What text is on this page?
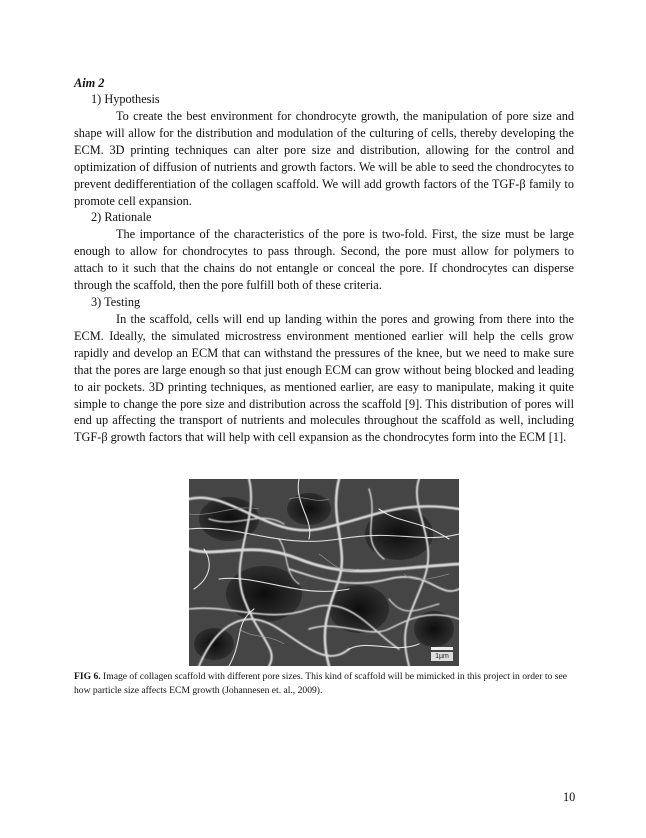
Aim 2
1) Hypothesis

To create the best environment for chondrocyte growth, the manipulation of pore size and shape will allow for the distribution and modulation of the culturing of cells, thereby developing the ECM. 3D printing techniques can alter pore size and distribution, allowing for the control and optimization of diffusion of nutrients and growth factors. We will be able to seed the chondrocytes to prevent dedifferentiation of the collagen scaffold. We will add growth factors of the TGF-β family to promote cell expansion.

2) Rationale

The importance of the characteristics of the pore is two-fold. First, the size must be large enough to allow for chondrocytes to pass through. Second, the pore must allow for polymers to attach to it such that the chains do not entangle or conceal the pore. If chondrocytes can disperse through the scaffold, then the pore fulfill both of these criteria.

3) Testing

In the scaffold, cells will end up landing within the pores and growing from there into the ECM. Ideally, the simulated microstress environment mentioned earlier will help the cells grow rapidly and develop an ECM that can withstand the pressures of the knee, but we need to make sure that the pores are large enough so that just enough ECM can grow without being blocked and leading to air pockets. 3D printing techniques, as mentioned earlier, are easy to manipulate, making it quite simple to change the pore size and distribution across the scaffold [9]. This distribution of pores will end up affecting the transport of nutrients and molecules throughout the scaffold as well, including TGF-β growth factors that will help with cell expansion as the chondrocytes form into the ECM [1].

1µm
FIG 6. Image of collagen scaffold with different pore sizes. This kind of scaffold will be mimicked in this project in order to see how particle size affects ECM growth (Johannesen et. al., 2009).
10
